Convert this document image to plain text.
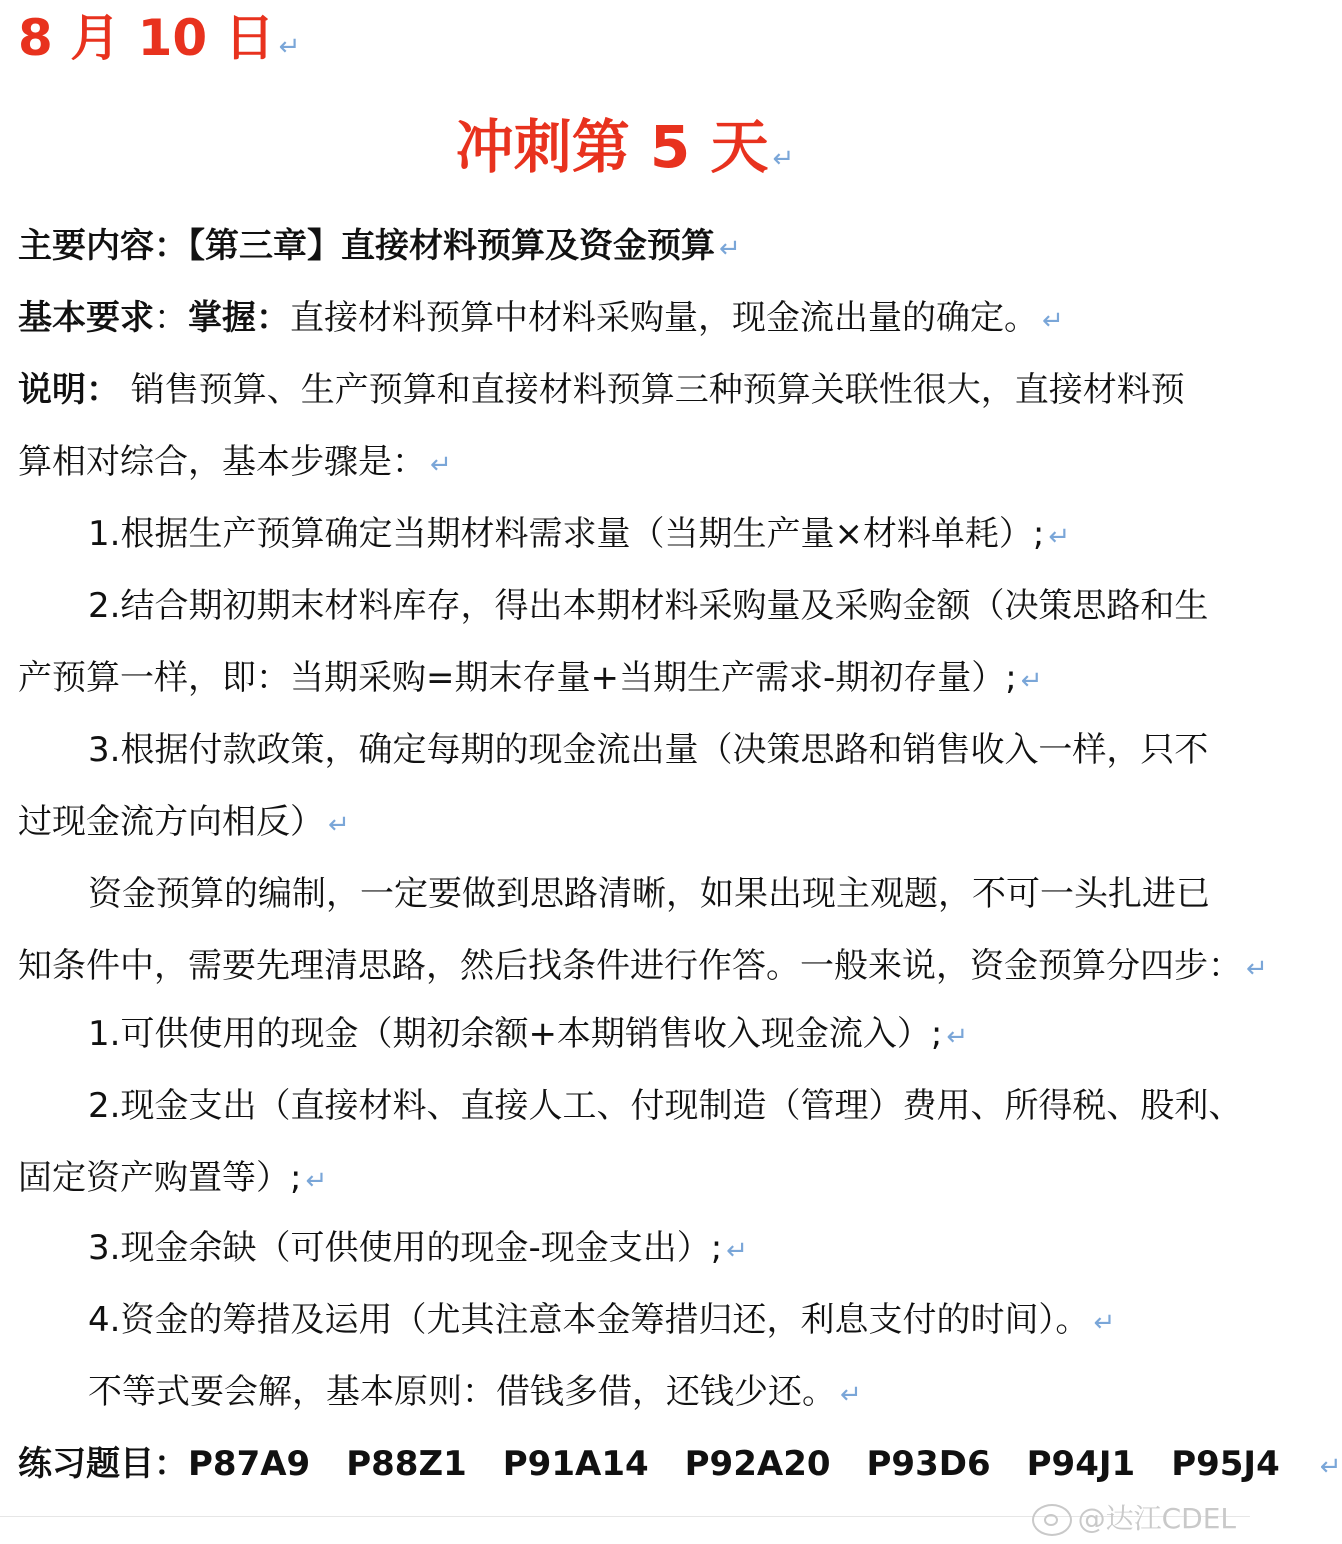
8 月 10 日 ↵
冲刺第 5 天 ↵
主要内容：【第三章】直接材料预算及资金预算 ↵
基本要求：掌握：直接材料预算中材料采购量，现金流出量的确定。 ↵
说明： 销售预算、生产预算和直接材料预算三种预算关联性很大，直接材料预
算相对综合，基本步骤是： ↵
1.根据生产预算确定当期材料需求量（当期生产量×材料单耗）; ↵
2.结合期初期末材料库存，得出本期材料采购量及采购金额（决策思路和生
产预算一样，即：当期采购=期末存量+当期生产需求-期初存量）; ↵
3.根据付款政策，确定每期的现金流出量（决策思路和销售收入一样，只不
过现金流方向相反） ↵
资金预算的编制，一定要做到思路清晰，如果出现主观题，不可一头扎进已
知条件中，需要先理清思路，然后找条件进行作答。一般来说，资金预算分四步： ↵
1.可供使用的现金（期初余额+本期销售收入现金流入）; ↵
2.现金支出（直接材料、直接人工、付现制造（管理）费用、所得税、股利、
固定资产购置等）; ↵
3.现金余缺（可供使用的现金-现金支出）; ↵
4.资金的筹措及运用（尤其注意本金筹措归还，利息支付的时间）。 ↵
不等式要会解，基本原则：借钱多借，还钱少还。 ↵
练习题目： P87A9 P88Z1 P91A14 P92A20 P93D6 P94J1 P95J4 ↵
@达江CDEL
